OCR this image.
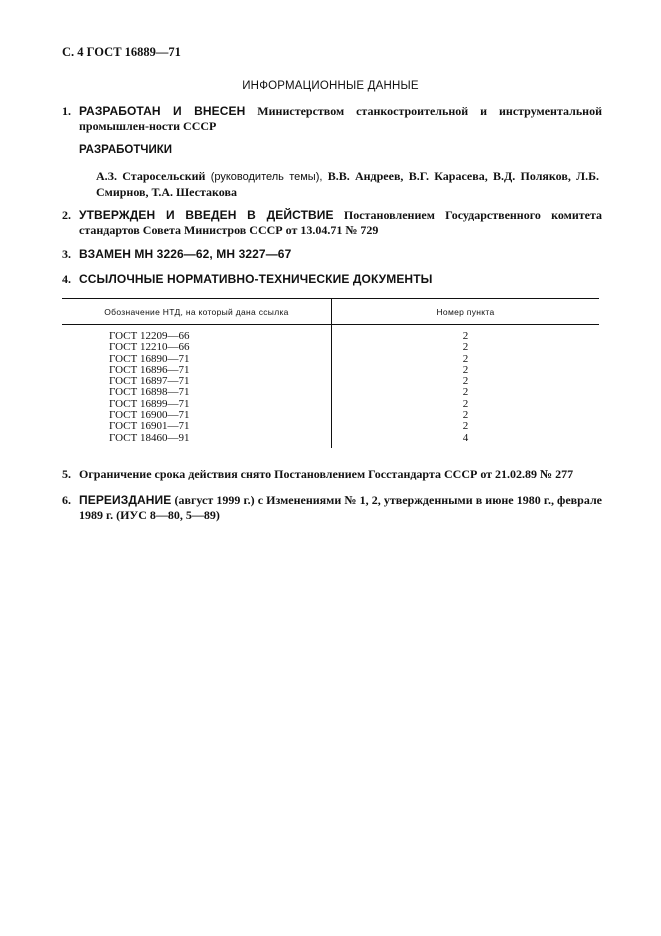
С. 4 ГОСТ 16889—71
ИНФОРМАЦИОННЫЕ ДАННЫЕ
1. РАЗРАБОТАН И ВНЕСЕН Министерством станкостроительной и инструментальной промышлен-ности СССР
РАЗРАБОТЧИКИ
А.З. Старосельский (руководитель темы), В.В. Андреев, В.Г. Карасева, В.Д. Поляков, Л.Б. Смирнов, Т.А. Шестакова
2. УТВЕРЖДЕН И ВВЕДЕН В ДЕЙСТВИЕ Постановлением Государственного комитета стандартов Совета Министров СССР от 13.04.71 № 729
3. ВЗАМЕН МН 3226—62, МН 3227—67
4. ССЫЛОЧНЫЕ НОРМАТИВНО-ТЕХНИЧЕСКИЕ ДОКУМЕНТЫ
Обозначение НТД, на который дана ссылка	Номер пункта
ГОСТ 12209—66	2
ГОСТ 12210—66	2
ГОСТ 16890—71	2
ГОСТ 16896—71	2
ГОСТ 16897—71	2
ГОСТ 16898—71	2
ГОСТ 16899—71	2
ГОСТ 16900—71	2
ГОСТ 16901—71	2
ГОСТ 18460—91	4
5. Ограничение срока действия снято Постановлением Госстандарта СССР от 21.02.89 № 277
6. ПЕРЕИЗДАНИЕ (август 1999 г.) с Изменениями № 1, 2, утвержденными в июне 1980 г., феврале 1989 г. (ИУС 8—80, 5—89)
